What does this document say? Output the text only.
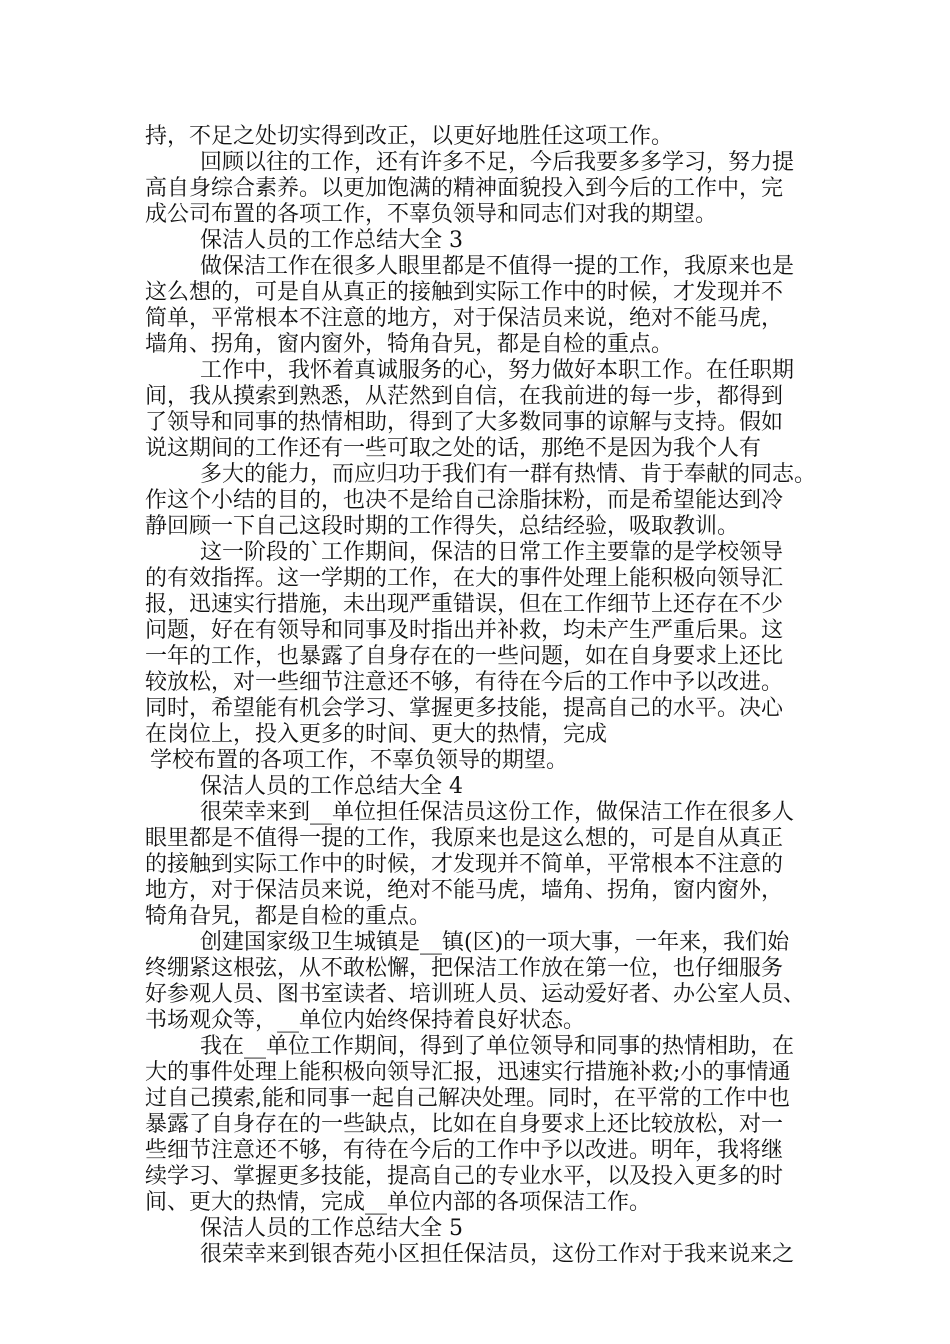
持，不足之处切实得到改正，以更好地胜任这项工作。
回顾以往的工作，还有许多不足，今后我要多多学习，努力提
高自身综合素养。以更加饱满的精神面貌投入到今后的工作中，完
成公司布置的各项工作，不辜负领导和同志们对我的期望。
保洁人员的工作总结大全 3
做保洁工作在很多人眼里都是不值得一提的工作，我原来也是
这么想的，可是自从真正的接触到实际工作中的时候，才发现并不
简单，平常根本不注意的地方，对于保洁员来说，绝对不能马虎，
墙角、拐角，窗内窗外，犄角旮旯，都是自检的重点。
工作中，我怀着真诚服务的心，努力做好本职工作。在任职期
间，我从摸索到熟悉，从茫然到自信，在我前进的每一步，都得到
了领导和同事的热情相助，得到了大多数同事的谅解与支持。假如
说这期间的工作还有一些可取之处的话，那绝不是因为我个人有
多大的能力，而应归功于我们有一群有热情、肯于奉献的同志。
作这个小结的目的，也决不是给自己涂脂抹粉，而是希望能达到冷
静回顾一下自己这段时期的工作得失，总结经验，吸取教训。
这一阶段的`工作期间，保洁的日常工作主要靠的是学校领导
的有效指挥。这一学期的工作，在大的事件处理上能积极向领导汇
报，迅速实行措施，未出现严重错误，但在工作细节上还存在不少
问题，好在有领导和同事及时指出并补救，均未产生严重后果。这
一年的工作，也暴露了自身存在的一些问题，如在自身要求上还比
较放松，对一些细节注意还不够，有待在今后的工作中予以改进。
同时，希望能有机会学习、掌握更多技能，提高自己的水平。决心
在岗位上，投入更多的时间、更大的热情，完成
学校布置的各项工作，不辜负领导的期望。
保洁人员的工作总结大全 4
很荣幸来到__单位担任保洁员这份工作，做保洁工作在很多人
眼里都是不值得一提的工作，我原来也是这么想的，可是自从真正
的接触到实际工作中的时候，才发现并不简单，平常根本不注意的
地方，对于保洁员来说，绝对不能马虎，墙角、拐角，窗内窗外，
犄角旮旯，都是自检的重点。
创建国家级卫生城镇是__镇(区)的一项大事，一年来，我们始
终绷紧这根弦，从不敢松懈，把保洁工作放在第一位，也仔细服务
好参观人员、图书室读者、培训班人员、运动爱好者、办公室人员、
书场观众等，__单位内始终保持着良好状态。
我在__单位工作期间，得到了单位领导和同事的热情相助，在
大的事件处理上能积极向领导汇报，迅速实行措施补救;小的事情通
过自己摸索,能和同事一起自己解决处理。同时，在平常的工作中也
暴露了自身存在的一些缺点，比如在自身要求上还比较放松，对一
些细节注意还不够，有待在今后的工作中予以改进。明年，我将继
续学习、掌握更多技能，提高自己的专业水平，以及投入更多的时
间、更大的热情，完成__单位内部的各项保洁工作。
保洁人员的工作总结大全 5
很荣幸来到银杏苑小区担任保洁员，这份工作对于我来说来之
